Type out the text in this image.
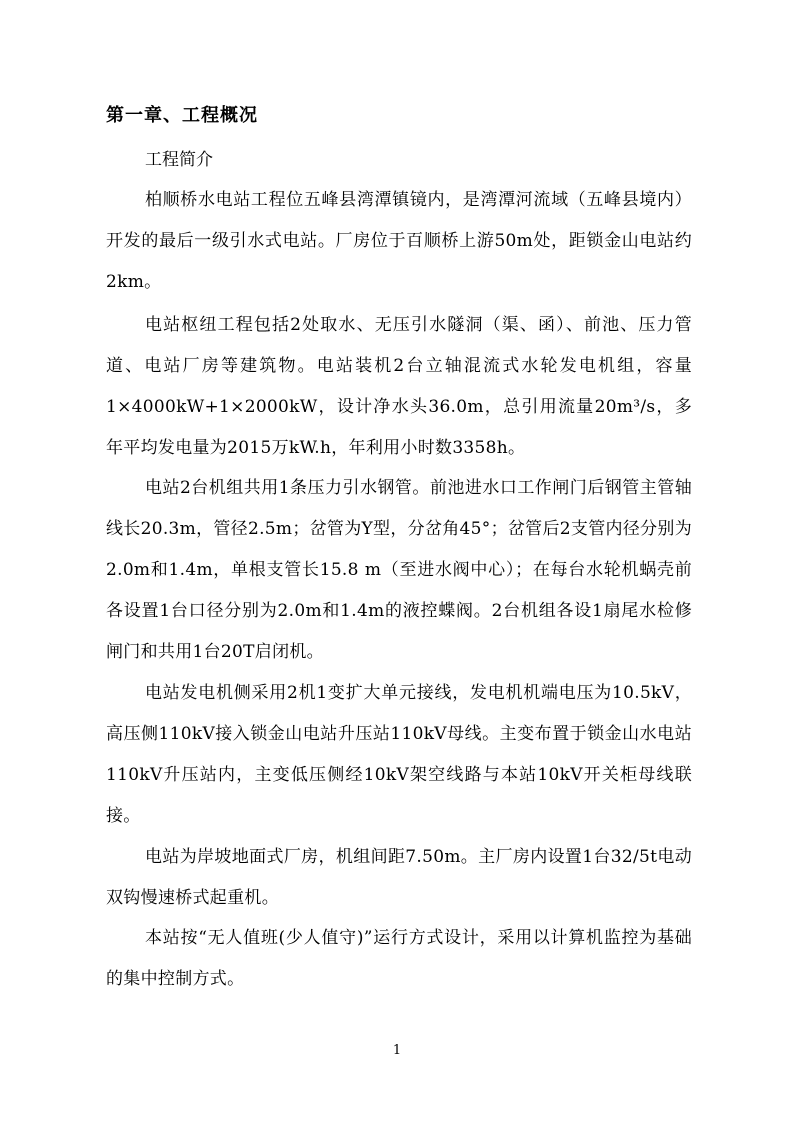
第一章、工程概况
工程简介

柏顺桥水电站工程位五峰县湾潭镇镜内，是湾潭河流域（五峰县境内）开发的最后一级引水式电站。厂房位于百顺桥上游50m处，距锁金山电站约2km。

电站枢纽工程包括2处取水、无压引水隧洞（渠、函）、前池、压力管道、电站厂房等建筑物。电站装机2台立轴混流式水轮发电机组，容量1×4000kW+1×2000kW，设计净水头36.0m，总引用流量20m³/s，多年平均发电量为2015万kW.h，年利用小时数3358h。

电站2台机组共用1条压力引水钢管。前池进水口工作闸门后钢管主管轴线长20.3m，管径2.5m；岔管为Y型，分岔角45°；岔管后2支管内径分别为2.0m和1.4m，单根支管长15.8 m（至进水阀中心）；在每台水轮机蜗壳前各设置1台口径分别为2.0m和1.4m的液控蝶阀。2台机组各设1扇尾水检修闸门和共用1台20T启闭机。

电站发电机侧采用2机1变扩大单元接线，发电机机端电压为10.5kV，高压侧110kV接入锁金山电站升压站110kV母线。主变布置于锁金山水电站110kV升压站内，主变低压侧经10kV架空线路与本站10kV开关柜母线联接。

电站为岸坡地面式厂房，机组间距7.50m。主厂房内设置1台32/5t电动双钩慢速桥式起重机。

本站按“无人值班(少人值守)”运行方式设计，采用以计算机监控为基础的集中控制方式。

1
